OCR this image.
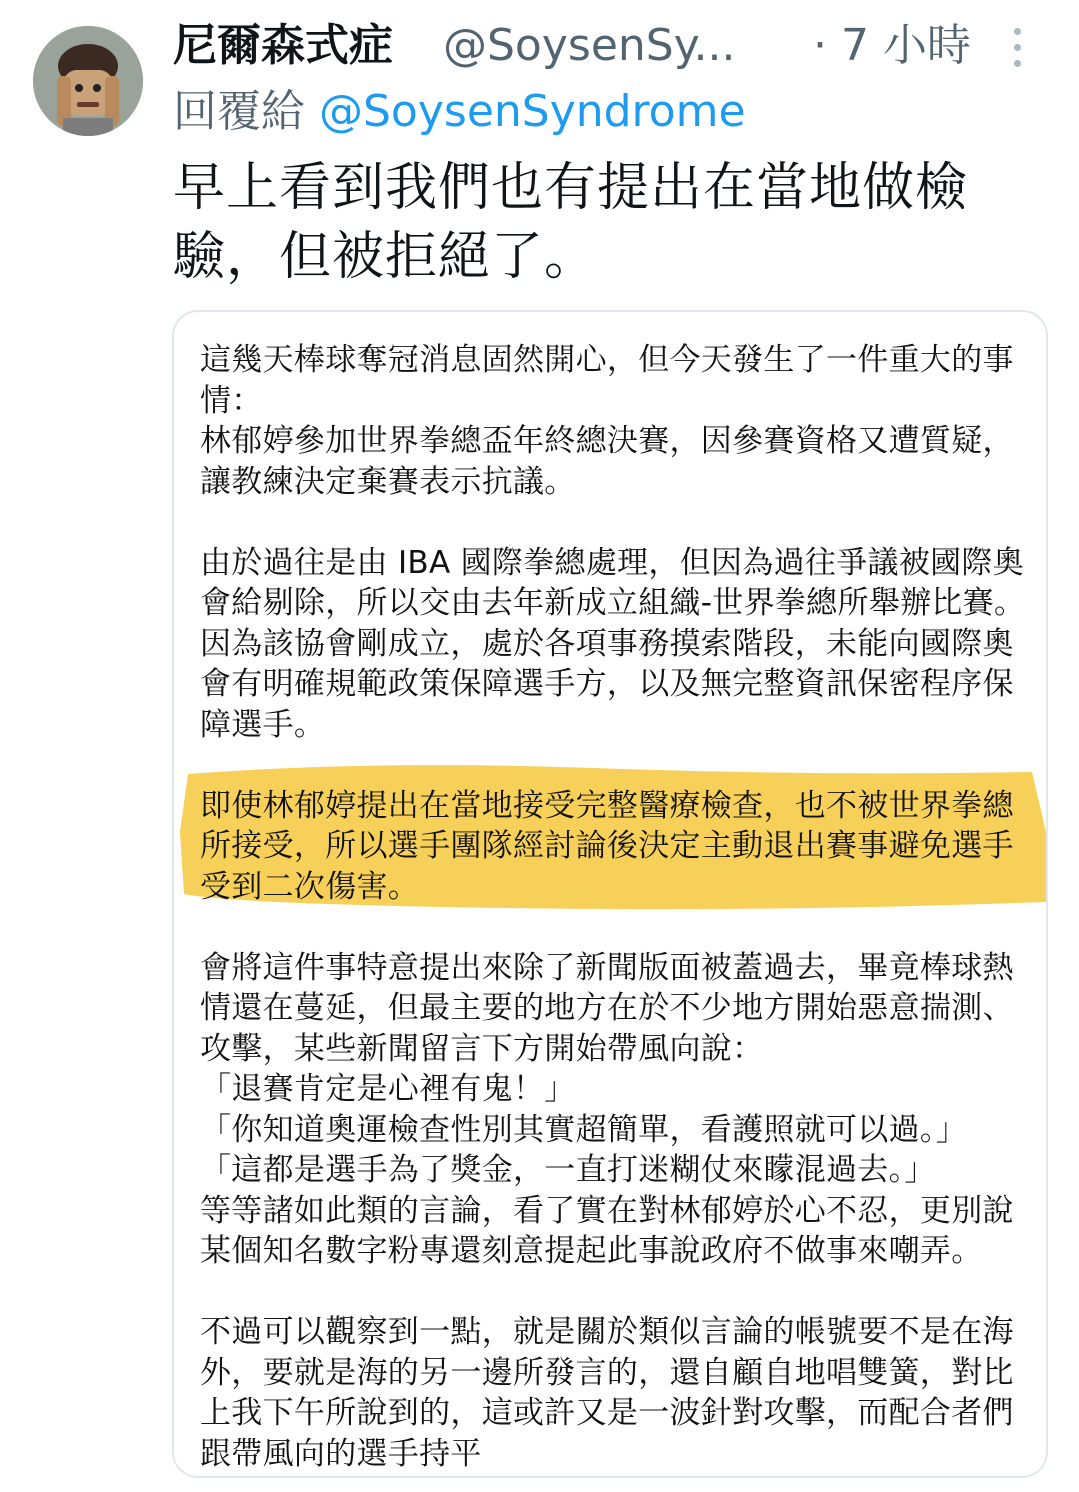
尼爾森式症 @SoysenSy... · 7 小時
回覆給 @SoysenSyndrome
早上看到我們也有提出在當地做檢驗，但被拒絕了。

這幾天棒球奪冠消息固然開心，但今天發生了一件重大的事情：
林郁婷參加世界拳總盃年終總決賽，因參賽資格又遭質疑，讓教練決定棄賽表示抗議。

由於過往是由 IBA 國際拳總處理，但因為過往爭議被國際奧會給剔除，所以交由去年新成立組織-世界拳總所舉辦比賽。因為該協會剛成立，處於各項事務摸索階段，未能向國際奧會有明確規範政策保障選手方，以及無完整資訊保密程序保障選手。

即使林郁婷提出在當地接受完整醫療檢查，也不被世界拳總所接受，所以選手團隊經討論後決定主動退出賽事避免選手受到二次傷害。

會將這件事特意提出來除了新聞版面被蓋過去，畢竟棒球熱情還在蔓延，但最主要的地方在於不少地方開始惡意揣測、攻擊，某些新聞留言下方開始帶風向說：
「退賽肯定是心裡有鬼！」
「你知道奧運檢查性別其實超簡單，看護照就可以過。」
「這都是選手為了獎金，一直打迷糊仗來矇混過去。」
等等諸如此類的言論，看了實在對林郁婷於心不忍，更別說某個知名數字粉專還刻意提起此事說政府不做事來嘲弄。

不過可以觀察到一點，就是關於類似言論的帳號要不是在海外，要就是海的另一邊所發言的，還自顧自地唱雙簧，對比上我下午所說到的，這或許又是一波針對攻擊，而配合者們跟帶風向的選手持平
